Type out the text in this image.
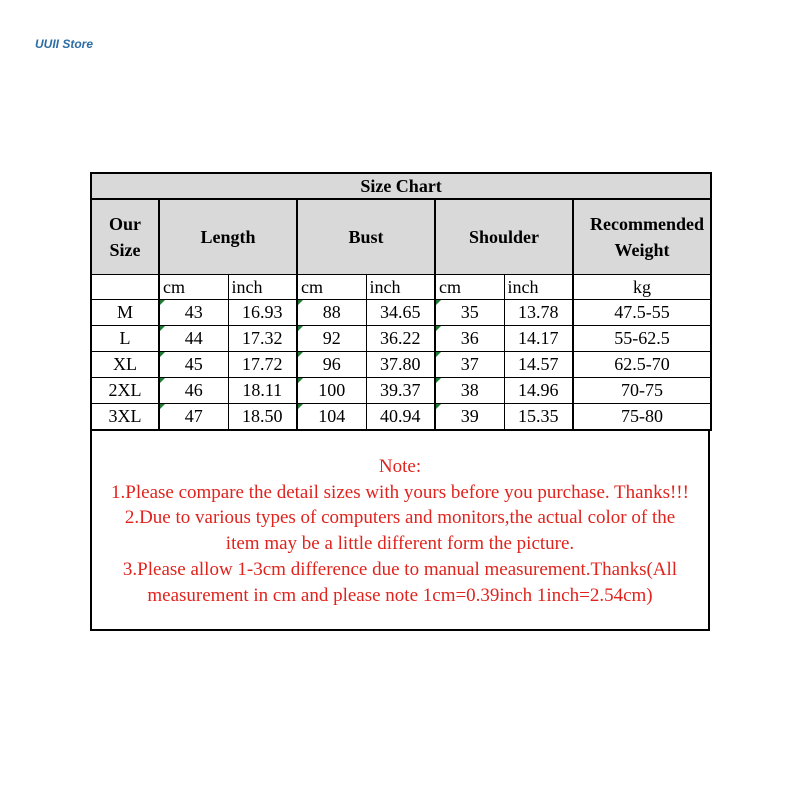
UUII Store
Size Chart							
Our Size	Length		Bust		Shoulder		Recommended Weight
	cm	inch	cm	inch	cm	inch	kg
M	43	16.93	88	34.65	35	13.78	47.5-55
L	44	17.32	92	36.22	36	14.17	55-62.5
XL	45	17.72	96	37.80	37	14.57	62.5-70
2XL	46	18.11	100	39.37	38	14.96	70-75
3XL	47	18.50	104	40.94	39	15.35	75-80
Note:
1.Please compare the detail sizes with yours before you purchase. Thanks!!!
2.Due to various types of computers and monitors,the actual color of the
item may be a little different form the picture.
3.Please allow 1-3cm difference due to manual measurement.Thanks(All
measurement in cm and please note 1cm=0.39inch 1inch=2.54cm)
